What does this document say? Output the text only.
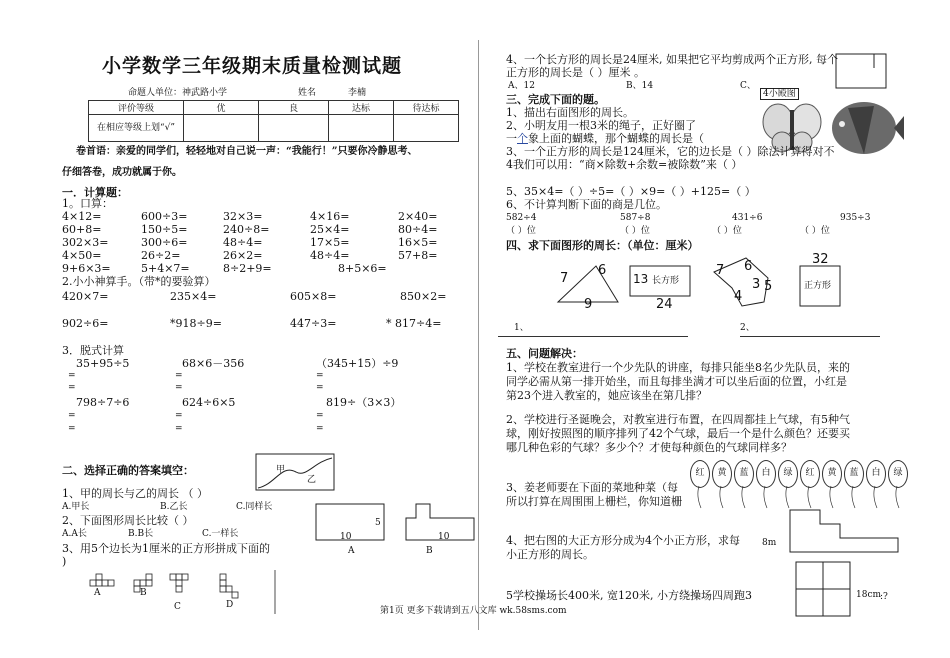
小学数学三年级期末质量检测试题
命题人单位：神武路小学	姓名	李楠
评价等级	优	良	达标	待达标
在相应等级上划“√”				
卷首语：亲爱的同学们，轻轻地对自己说一声：“我能行！”只要你冷静思考、
仔细答卷，成功就属于你。
一．计算题：
1。口算：
4×12=	600÷3=	32×3=	4×16=	2×40=
60+8=	150÷5=	240÷8=	25×4=	80÷4=
302×3=	300÷6=	48÷4=	17×5=	16×5=
4×50=	26÷2=	26×2=	48÷4=	57+8=
9+6×3=	5+4×7=	8÷2+9=	8+5×6=
2.小小神算手。（带*的要验算）
420×7=	235×4=	605×8=	850×2=
902÷6=	*918÷9=	447÷3=	* 817÷4=
3．脱式计算
35+95÷5	68×6－356	（345+15）÷9
=
=
=
=
=
=
798÷7÷6	624÷6×5	819÷（3×3）
=
=
=
=
=
=
二、选择正确的答案填空：	甲
乙
1、甲的周长与乙的周长 （ ）
A.甲长	B.乙长	C.同样长
2、下面图形周长比较（ ）
A.A长	B.B长	C.一样长
3、用5个边长为1厘米的正方形拼成下面的
)
5
10
A
10
B
A	B
C	D
4、一个长方形的周长是24厘米, 如果把它平均剪成两个正方形, 每个
正方形的周长是（ ）厘米 。
A、12	B、14	C、
4小殿图
三、完成下面的题。
1、描出右面图形的周长。
2、小明友用一根3米的绳子，正好圈了
一个象上面的蝴蝶，那个蝴蝶的周长是（
3、一个正方形的周长是124厘米，它的边长是（ ）除法计算得对不
4我们可以用：“商×除数+余数=被除数”来（ ）
5、35×4=（ ）÷5=（ ）×9=（ ）+125=（ ）
6、不计算判断下面的商是几位。
582÷4	587÷8	431÷6	935÷3
（ ）位	（ ）位	（ ）位	（ ）位
四、求下面图形的周长：（单位：厘米）
7
6
9
13 长方形
24
7 6
3 5
4
32
正方形
1、	2、
五、问题解决：
1、学校在教室进行一个少先队的讲座，每排只能坐8名少先队员，来的
同学必需从第一排开始坐，而且每排坐满才可以坐后面的位置，小红是
第23个进入教室的，她应该坐在第几排？
2、学校进行圣诞晚会，对教室进行布置，在四周都挂上气球，有5种气
球，刚好按照图的顺序排列了42个气球，最后一个是什么颜色？还要买
哪几种色彩的气球？多少个？才使每种颜色的气球同样多？
红	黄	蓝	白	绿	红	黄	蓝	白	绿
3、姜老师要在下面的菜地种菜（每
所以打算在周围围上栅栏，你知道栅
4、把右图的大正方形分成为4个小正方形，求每
小正方形的周长。
8m
5学校操场长400米, 宽120米, 小方绕操场四周跑3	18cm
:?
第1页 更多下载请到五八文库 wk.58sms.com
